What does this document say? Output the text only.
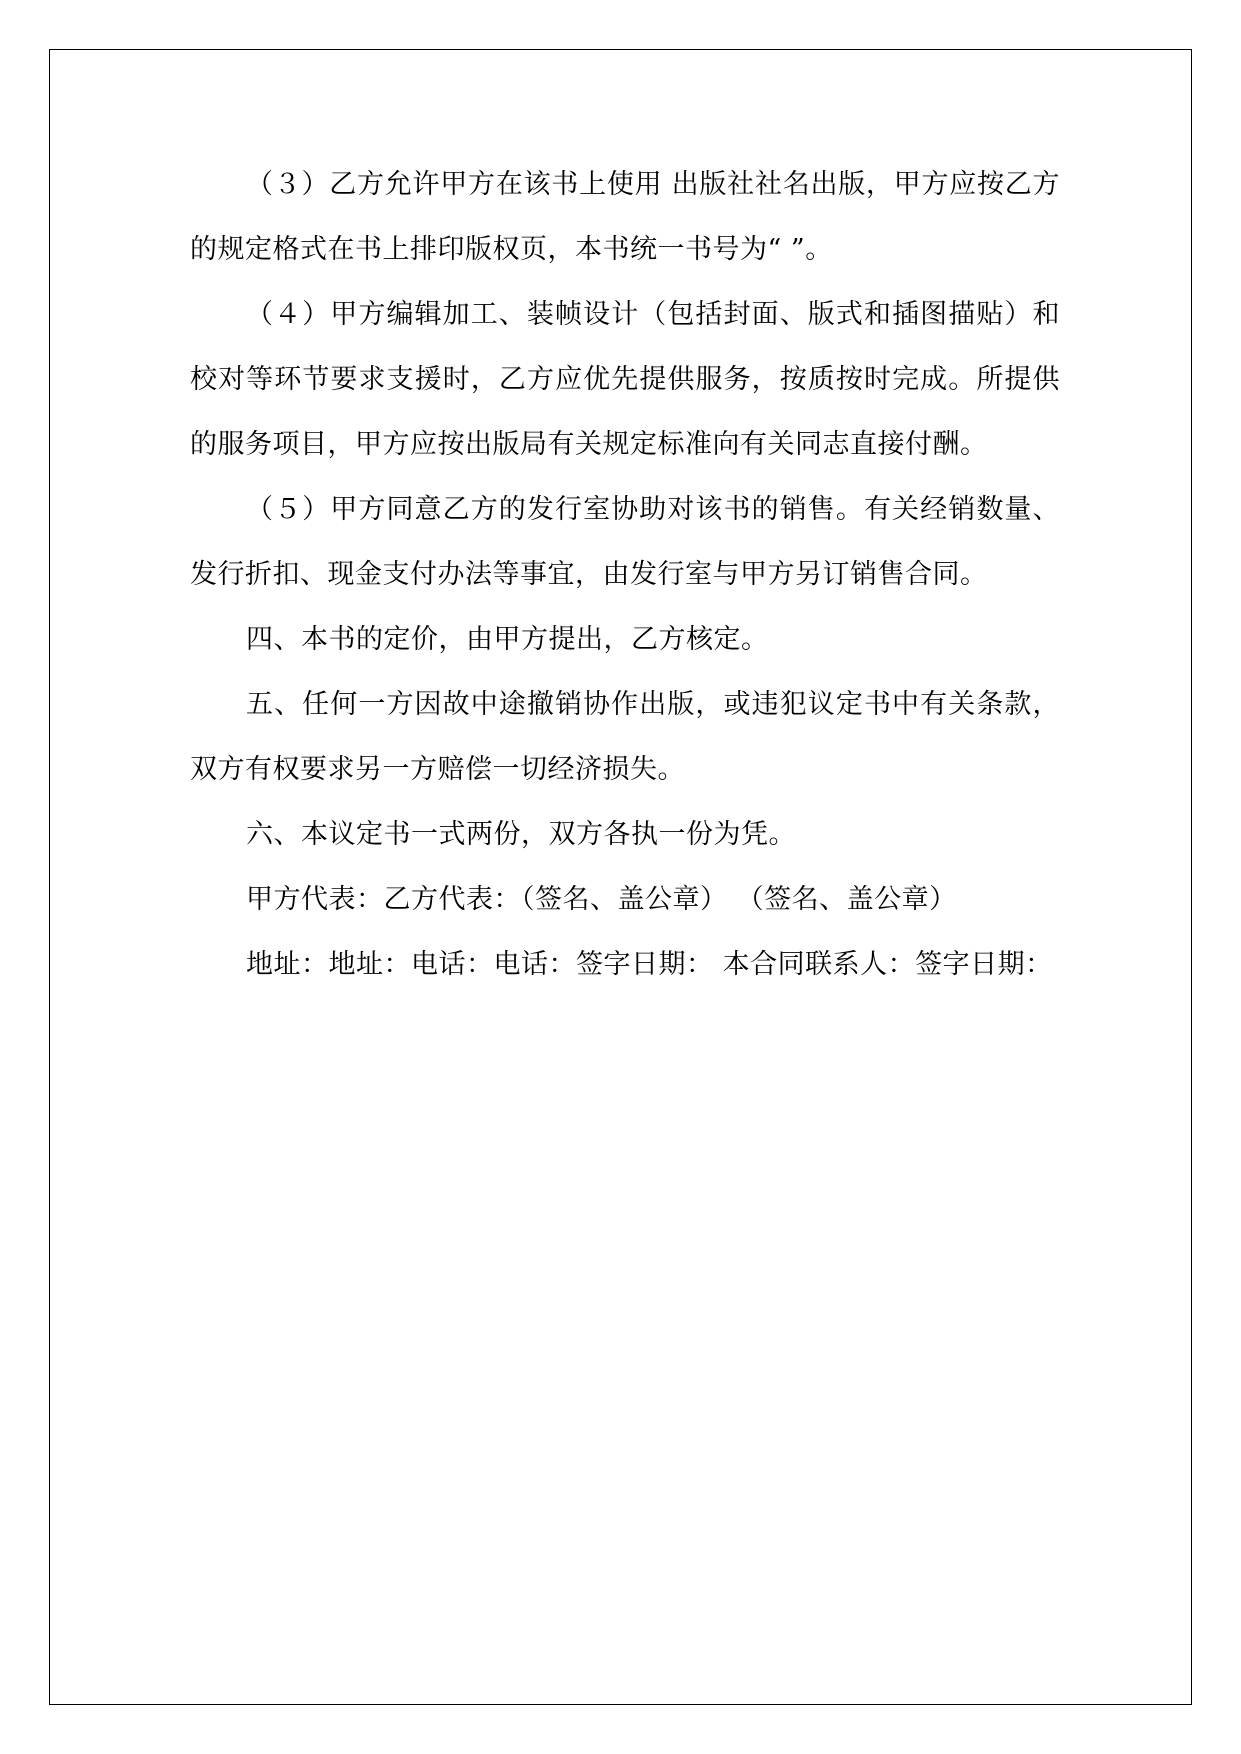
（３）乙方允许甲方在该书上使用 出版社社名出版，甲方应按乙方的规定格式在书上排印版权页，本书统一书号为“ ”。

（４）甲方编辑加工、装帧设计（包括封面、版式和插图描贴）和校对等环节要求支援时，乙方应优先提供服务，按质按时完成。所提供的服务项目，甲方应按出版局有关规定标准向有关同志直接付酬。

（５）甲方同意乙方的发行室协助对该书的销售。有关经销数量、发行折扣、现金支付办法等事宜，由发行室与甲方另订销售合同。

四、本书的定价，由甲方提出，乙方核定。

五、任何一方因故中途撤销协作出版，或违犯议定书中有关条款，双方有权要求另一方赔偿一切经济损失。

六、本议定书一式两份，双方各执一份为凭。

甲方代表：乙方代表：（签名、盖公章） （签名、盖公章）

地址：地址：电话：电话：签字日期： 本合同联系人：签字日期：
